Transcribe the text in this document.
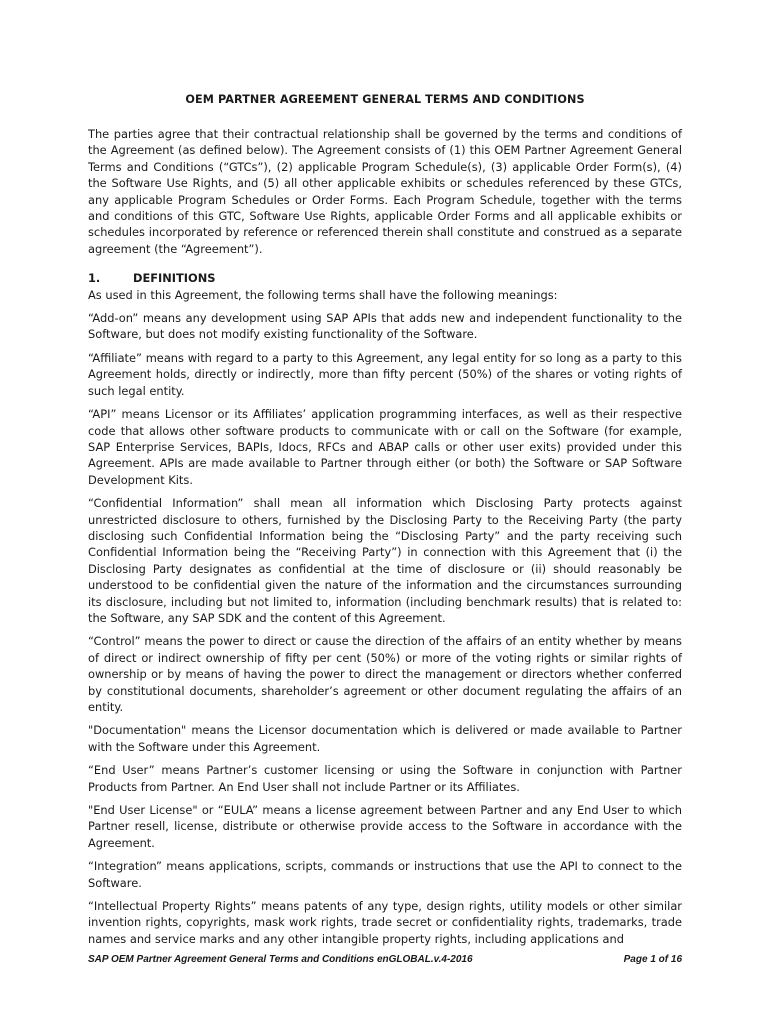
OEM PARTNER AGREEMENT GENERAL TERMS AND CONDITIONS

The parties agree that their contractual relationship shall be governed by the terms and conditions of the Agreement (as defined below). The Agreement consists of (1) this OEM Partner Agreement General Terms and Conditions (“GTCs”), (2) applicable Program Schedule(s), (3) applicable Order Form(s), (4) the Software Use Rights, and (5) all other applicable exhibits or schedules referenced by these GTCs, any applicable Program Schedules or Order Forms. Each Program Schedule, together with the terms and conditions of this GTC, Software Use Rights, applicable Order Forms and all applicable exhibits or schedules incorporated by reference or referenced therein shall constitute and construed as a separate agreement (the “Agreement”).

1.	DEFINITIONS

As used in this Agreement, the following terms shall have the following meanings:

“Add-on” means any development using SAP APIs that adds new and independent functionality to the Software, but does not modify existing functionality of the Software.

“Affiliate” means with regard to a party to this Agreement, any legal entity for so long as a party to this Agreement holds, directly or indirectly, more than fifty percent (50%) of the shares or voting rights of such legal entity.

“API” means Licensor or its Affiliates’ application programming interfaces, as well as their respective code that allows other software products to communicate with or call on the Software (for example, SAP Enterprise Services, BAPIs, Idocs, RFCs and ABAP calls or other user exits) provided under this Agreement. APIs are made available to Partner through either (or both) the Software or SAP Software Development Kits.

“Confidential Information” shall mean all information which Disclosing Party protects against unrestricted disclosure to others, furnished by the Disclosing Party to the Receiving Party (the party disclosing such Confidential Information being the “Disclosing Party” and the party receiving such Confidential Information being the “Receiving Party”) in connection with this Agreement that (i) the Disclosing Party designates as confidential at the time of disclosure or (ii) should reasonably be understood to be confidential given the nature of the information and the circumstances surrounding its disclosure, including but not limited to, information (including benchmark results) that is related to: the Software, any SAP SDK and the content of this Agreement.

“Control” means the power to direct or cause the direction of the affairs of an entity whether by means of direct or indirect ownership of fifty per cent (50%) or more of the voting rights or similar rights of ownership or by means of having the power to direct the management or directors whether conferred by constitutional documents, shareholder’s agreement or other document regulating the affairs of an entity.

"Documentation" means the Licensor documentation which is delivered or made available to Partner with the Software under this Agreement.

“End User” means Partner’s customer licensing or using the Software in conjunction with Partner Products from Partner. An End User shall not include Partner or its Affiliates.

"End User License" or “EULA” means a license agreement between Partner and any End User to which Partner resell, license, distribute or otherwise provide access to the Software in accordance with the Agreement.

“Integration” means applications, scripts, commands or instructions that use the API to connect to the Software.

“Intellectual Property Rights” means patents of any type, design rights, utility models or other similar invention rights, copyrights, mask work rights, trade secret or confidentiality rights, trademarks, trade names and service marks and any other intangible property rights, including applications and

SAP OEM Partner Agreement General Terms and Conditions enGLOBAL.v.4-2016	Page 1 of 16
